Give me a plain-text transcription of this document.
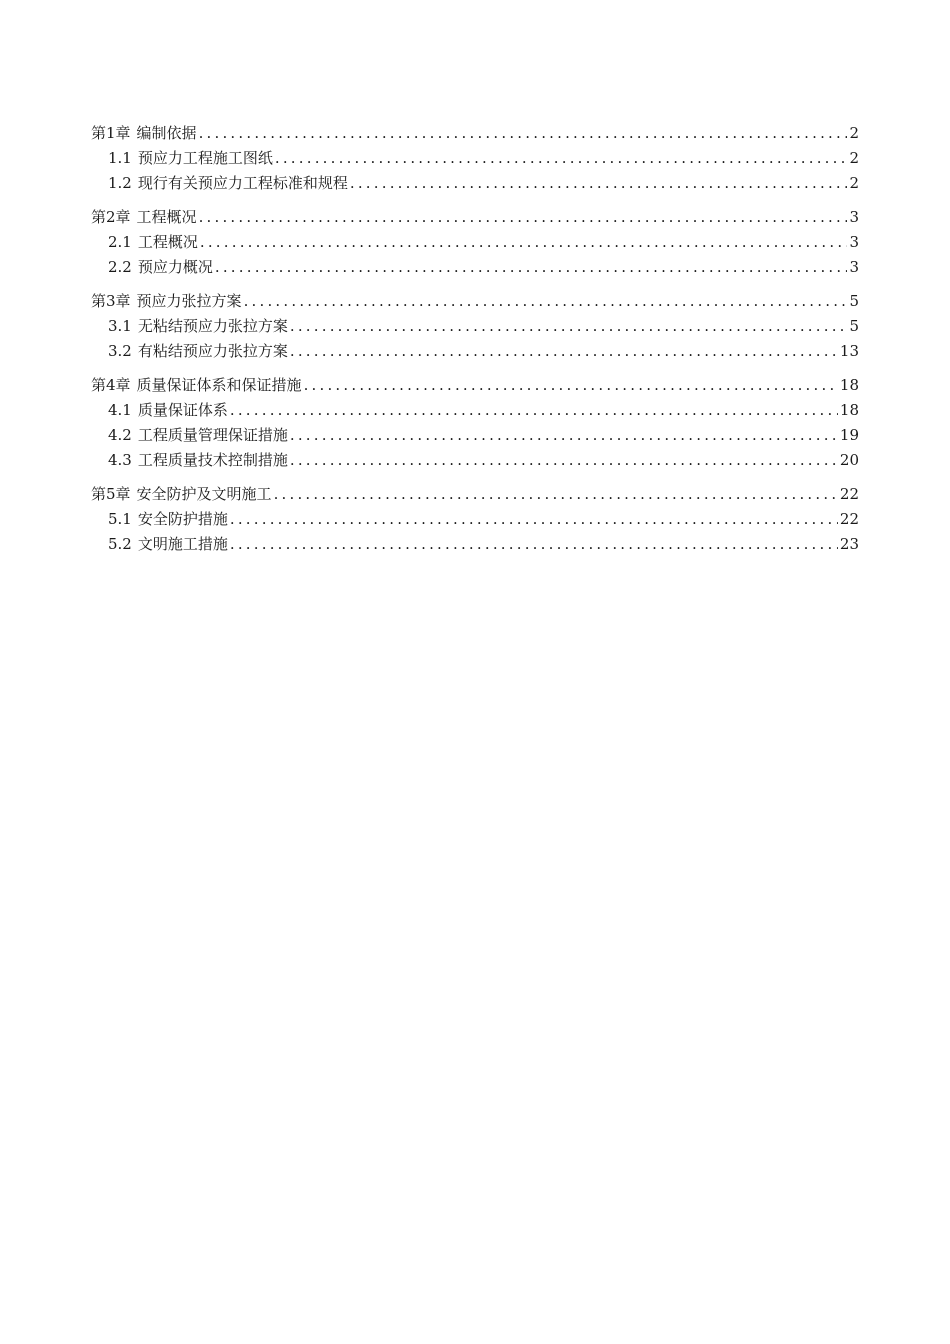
第1章 编制依据 .....	2
1.1 预应力工程施工图纸 .....	2
1.2 现行有关预应力工程标准和规程 .....	2
第2章 工程概况 .....	3
2.1 工程概况 .....	3
2.2 预应力概况 .....	3
第3章 预应力张拉方案 .....	5
3.1 无粘结预应力张拉方案 .....	5
3.2 有粘结预应力张拉方案 .....	13
第4章 质量保证体系和保证措施 .....	18
4.1 质量保证体系 .....	18
4.2 工程质量管理保证措施 .....	19
4.3 工程质量技术控制措施 .....	20
第5章 安全防护及文明施工 .....	22
5.1 安全防护措施 .....	22
5.2 文明施工措施 .....	23
